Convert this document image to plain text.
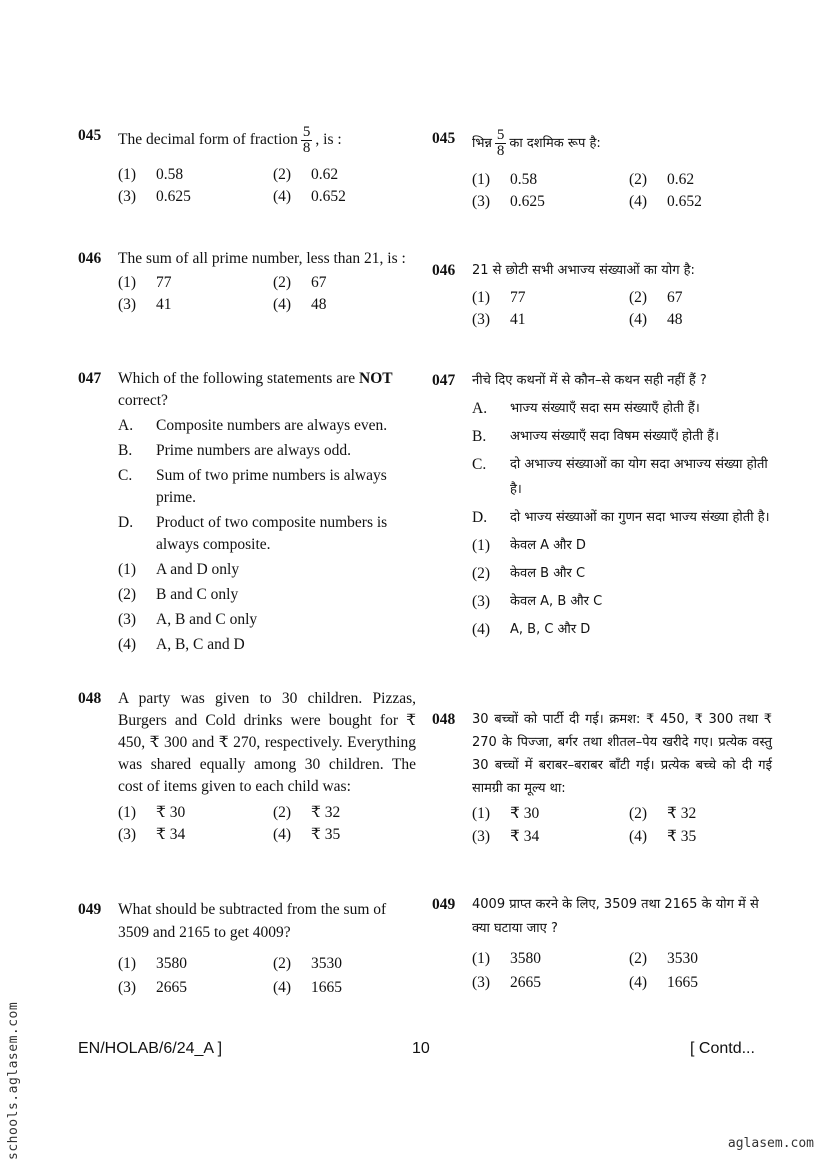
045	The decimal form of fraction $\frac{5}{8}$ , is :
(1)	0.58	(2)	0.62
(3)	0.625	(4)	0.652
045	भिन्न $\frac{5}{8}$ का दशमिक रूप है:
(1)	0.58	(2)	0.62
(3)	0.625	(4)	0.652
046	The sum of all prime number, less than 21, is :
(1)	77	(2)	67
(3)	41	(4)	48
046	21 से छोटी सभी अभाज्य संख्याओं का योग है:
(1)	77	(2)	67
(3)	41	(4)	48
047	Which of the following statements are NOT correct?
A.	Composite numbers are always even.
B.	Prime numbers are always odd.
C.	Sum of two prime numbers is always prime.
D.	Product of two composite numbers is always composite.
(1)	A and D only
(2)	B and C only
(3)	A, B and C only
(4)	A, B, C and D
047	नीचे दिए कथनों में से कौन–से कथन सही नहीं हैं ?
A.	भाज्य संख्याएँ सदा सम संख्याएँ होती हैं।
B.	अभाज्य संख्याएँ सदा विषम संख्याएँ होती हैं।
C.	दो अभाज्य संख्याओं का योग सदा अभाज्य संख्या होती है।
D.	दो भाज्य संख्याओं का गुणन सदा भाज्य संख्या होती है।
(1)	केवल A और D
(2)	केवल B और C
(3)	केवल A, B और C
(4)	A, B, C और D
048	A party was given to 30 children. Pizzas, Burgers and Cold drinks were bought for ₹ 450, ₹ 300 and ₹ 270, respectively. Everything was shared equally among 30 children. The cost of items given to each child was:
(1)	₹ 30	(2)	₹ 32
(3)	₹ 34	(4)	₹ 35
048	30 बच्चों को पार्टी दी गई। क्रमश: ₹ 450, ₹ 300 तथा ₹ 270 के पिज्जा, बर्गर तथा शीतल–पेय खरीदे गए। प्रत्येक वस्तु 30 बच्चों में बराबर–बराबर बाँटी गई। प्रत्येक बच्चे को दी गई सामग्री का मूल्य था:
(1)	₹ 30	(2)	₹ 32
(3)	₹ 34	(4)	₹ 35
049	What should be subtracted from the sum of 3509 and 2165 to get 4009?
(1)	3580	(2)	3530
(3)	2665	(4)	1665
049	4009 प्राप्त करने के लिए, 3509 तथा 2165 के योग में से क्या घटाया जाए ?
(1)	3580	(2)	3530
(3)	2665	(4)	1665
EN/HOLAB/6/24_A ]	10	[ Contd...
schools.aglasem.com	aglasem.com
